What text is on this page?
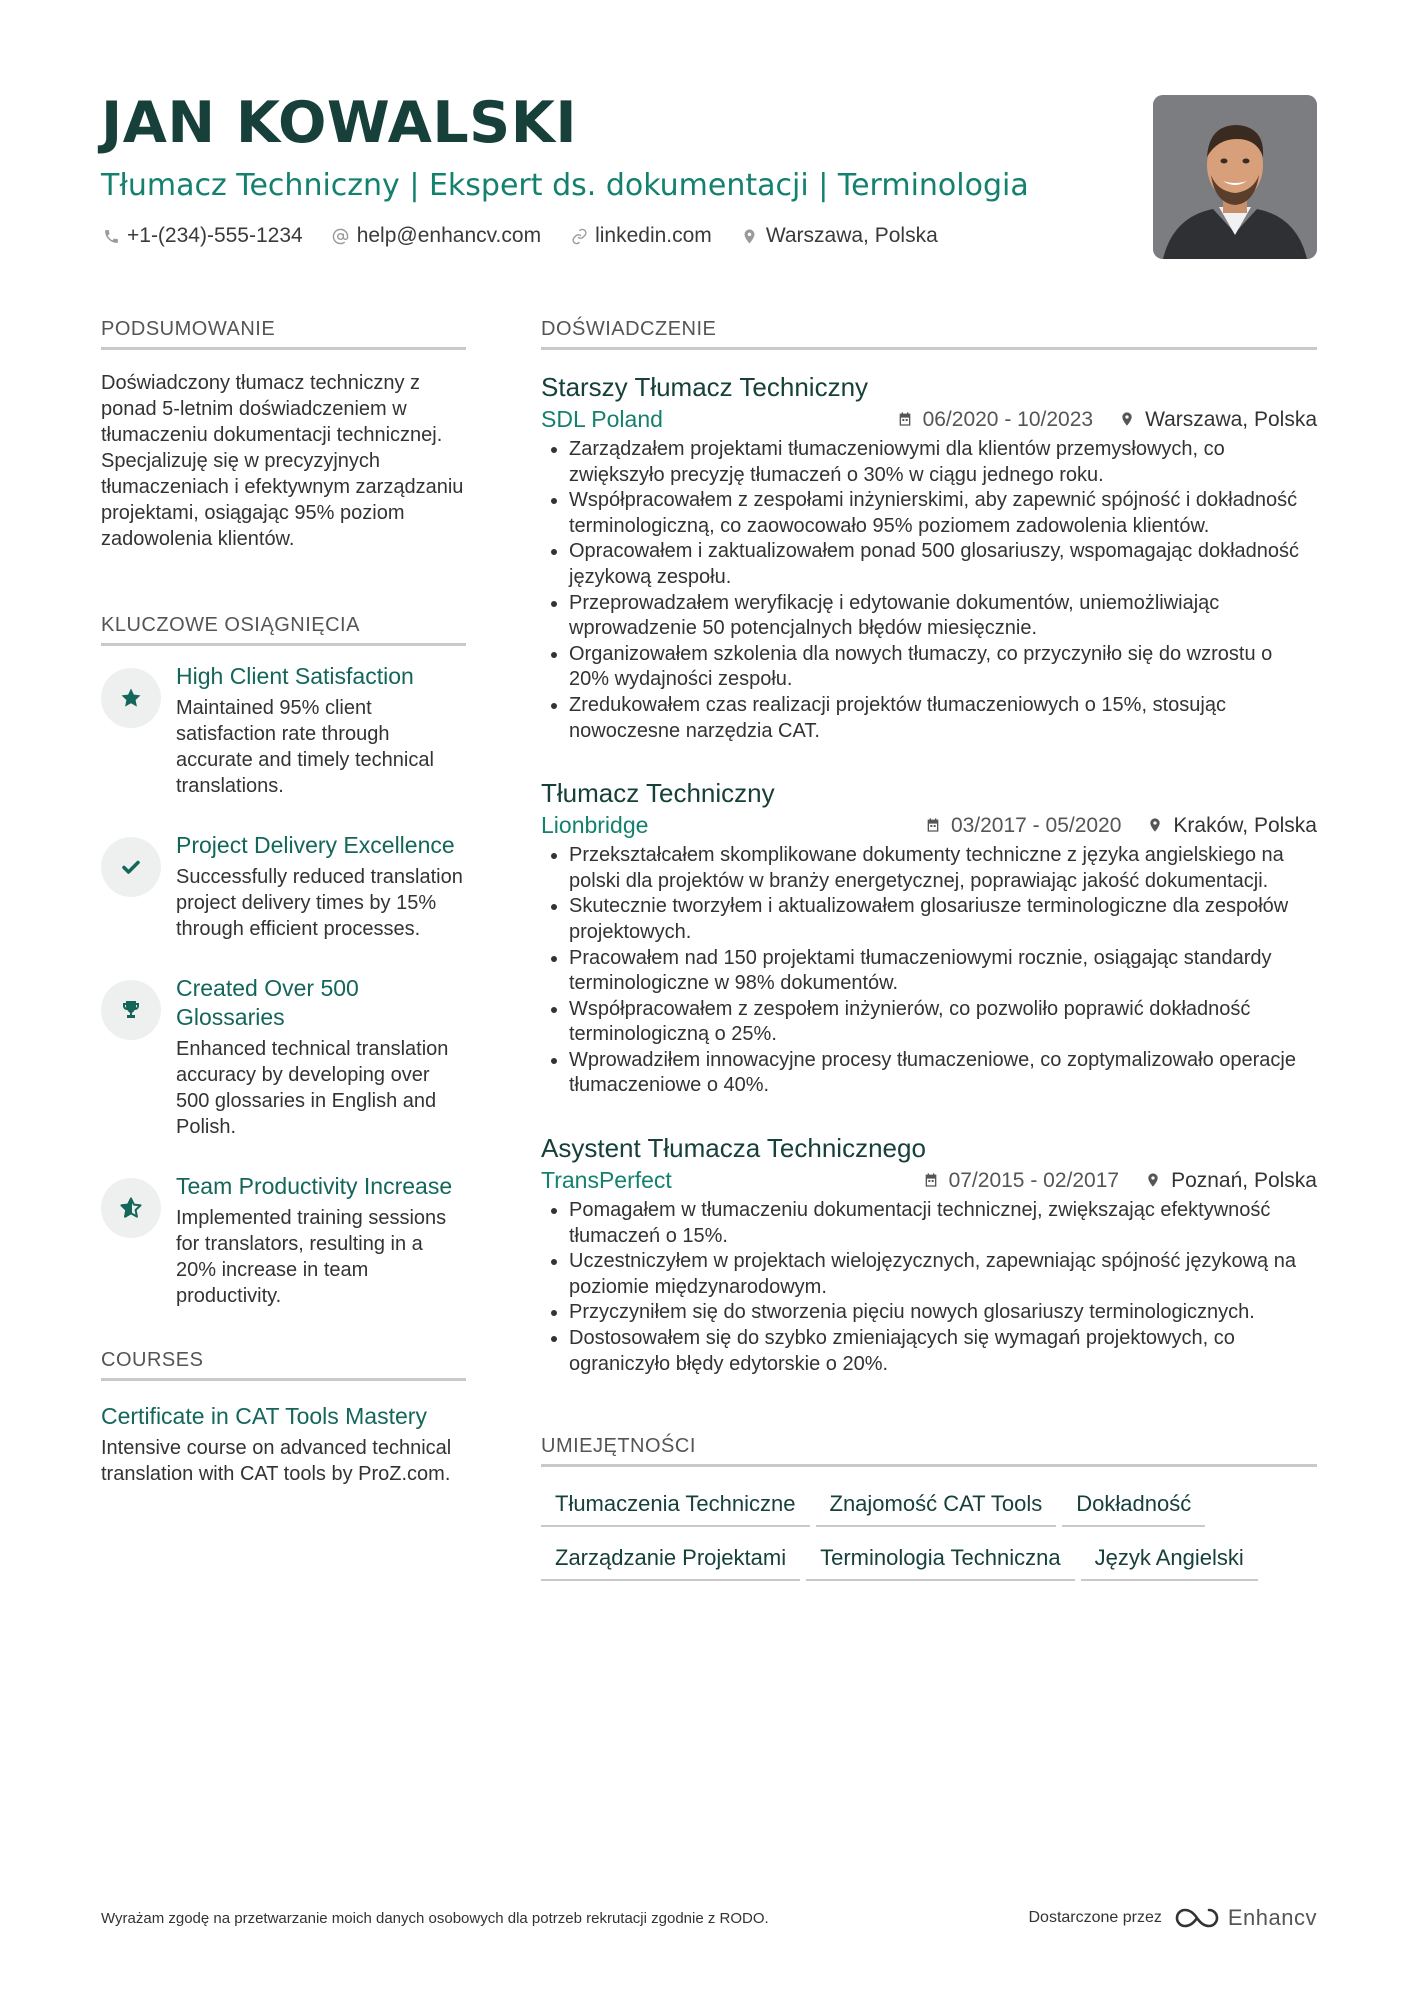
JAN KOWALSKI
Tłumacz Techniczny | Ekspert ds. dokumentacji | Terminologia
+1-(234)-555-1234	help@enhancv.com	linkedin.com	Warszawa, Polska
PODSUMOWANIE
Doświadczony tłumacz techniczny z ponad 5-letnim doświadczeniem w tłumaczeniu dokumentacji technicznej. Specjalizuję się w precyzyjnych tłumaczeniach i efektywnym zarządzaniu projektami, osiągając 95% poziom zadowolenia klientów.
KLUCZOWE OSIĄGNIĘCIA
High Client Satisfaction
Maintained 95% client satisfaction rate through accurate and timely technical translations.
Project Delivery Excellence
Successfully reduced translation project delivery times by 15% through efficient processes.
Created Over 500 Glossaries
Enhanced technical translation accuracy by developing over 500 glossaries in English and Polish.
Team Productivity Increase
Implemented training sessions for translators, resulting in a 20% increase in team productivity.
COURSES
Certificate in CAT Tools Mastery
Intensive course on advanced technical translation with CAT tools by ProZ.com.
DOŚWIADCZENIE
Starszy Tłumacz Techniczny
SDL Poland	06/2020 - 10/2023 Warszawa, Polska
• Zarządzałem projektami tłumaczeniowymi dla klientów przemysłowych, co zwiększyło precyzję tłumaczeń o 30% w ciągu jednego roku.
• Współpracowałem z zespołami inżynierskimi, aby zapewnić spójność i dokładność terminologiczną, co zaowocowało 95% poziomem zadowolenia klientów.
• Opracowałem i zaktualizowałem ponad 500 glosariuszy, wspomagając dokładność językową zespołu.
• Przeprowadzałem weryfikację i edytowanie dokumentów, uniemożliwiając wprowadzenie 50 potencjalnych błędów miesięcznie.
• Organizowałem szkolenia dla nowych tłumaczy, co przyczyniło się do wzrostu o 20% wydajności zespołu.
• Zredukowałem czas realizacji projektów tłumaczeniowych o 15%, stosując nowoczesne narzędzia CAT.
Tłumacz Techniczny
Lionbridge	03/2017 - 05/2020 Kraków, Polska
• Przekształcałem skomplikowane dokumenty techniczne z języka angielskiego na polski dla projektów w branży energetycznej, poprawiając jakość dokumentacji.
• Skutecznie tworzyłem i aktualizowałem glosariusze terminologiczne dla zespołów projektowych.
• Pracowałem nad 150 projektami tłumaczeniowymi rocznie, osiągając standardy terminologiczne w 98% dokumentów.
• Współpracowałem z zespołem inżynierów, co pozwoliło poprawić dokładność terminologiczną o 25%.
• Wprowadziłem innowacyjne procesy tłumaczeniowe, co zoptymalizowało operacje tłumaczeniowe o 40%.
Asystent Tłumacza Technicznego
TransPerfect	07/2015 - 02/2017 Poznań, Polska
• Pomagałem w tłumaczeniu dokumentacji technicznej, zwiększając efektywność tłumaczeń o 15%.
• Uczestniczyłem w projektach wielojęzycznych, zapewniając spójność językową na poziomie międzynarodowym.
• Przyczyniłem się do stworzenia pięciu nowych glosariuszy terminologicznych.
• Dostosowałem się do szybko zmieniających się wymagań projektowych, co ograniczyło błędy edytorskie o 20%.
UMIEJĘTNOŚCI
Tłumaczenia Techniczne	Znajomość CAT Tools	Dokładność
Zarządzanie Projektami	Terminologia Techniczna	Język Angielski
Wyrażam zgodę na przetwarzanie moich danych osobowych dla potrzeb rekrutacji zgodnie z RODO.	Dostarczone przez	Enhancv
